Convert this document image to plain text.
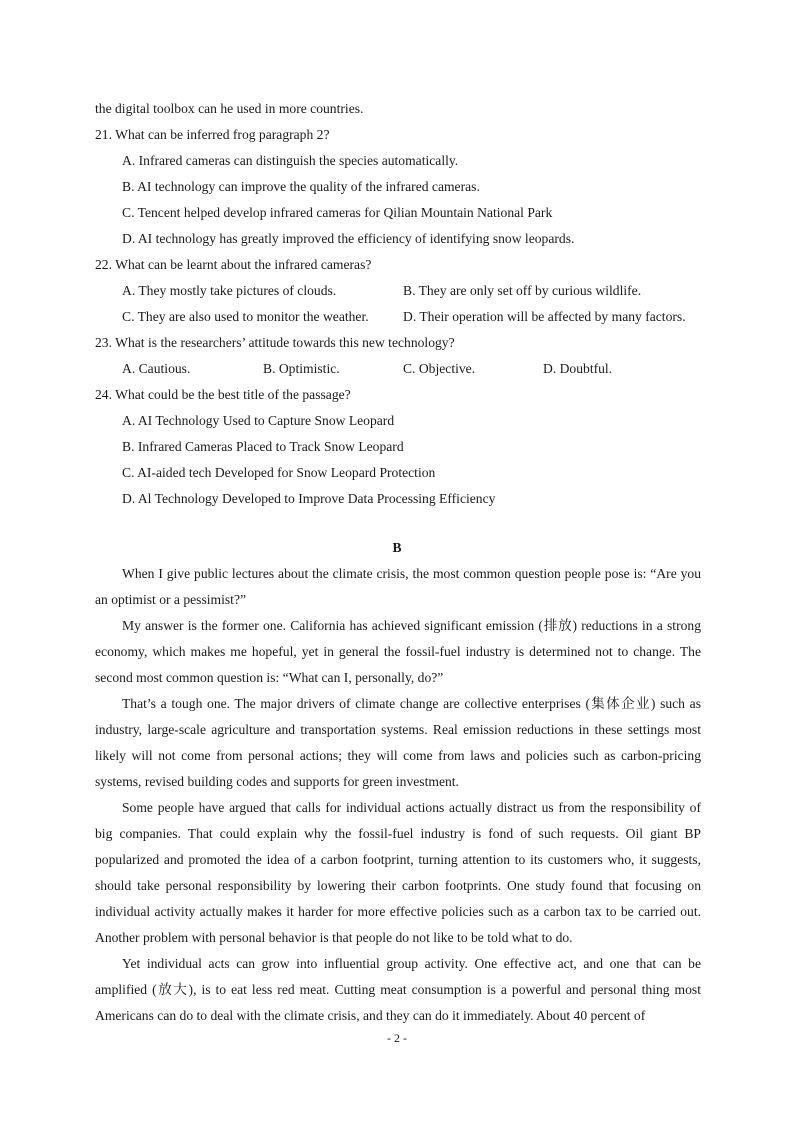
the digital toolbox can he used in more countries.
21. What can be inferred frog paragraph 2?
A. Infrared cameras can distinguish the species automatically.
B. AI technology can improve the quality of the infrared cameras.
C. Tencent helped develop infrared cameras for Qilian Mountain National Park
D. AI technology has greatly improved the efficiency of identifying snow leopards.
22. What can be learnt about the infrared cameras?
A. They mostly take pictures of clouds.	B. They are only set off by curious wildlife.
C. They are also used to monitor the weather.	D. Their operation will be affected by many factors.
23. What is the researchers’ attitude towards this new technology?
A. Cautious.	B. Optimistic.	C. Objective.	D. Doubtful.
24. What could be the best title of the passage?
A. AI Technology Used to Capture Snow Leopard
B. Infrared Cameras Placed to Track Snow Leopard
C. AI-aided tech Developed for Snow Leopard Protection
D. Al Technology Developed to Improve Data Processing Efficiency
B

When I give public lectures about the climate crisis, the most common question people pose is: “Are you an optimist or a pessimist?”

My answer is the former one. California has achieved significant emission (排放) reductions in a strong economy, which makes me hopeful, yet in general the fossil-fuel industry is determined not to change. The second most common question is: “What can I, personally, do?”

That’s a tough one. The major drivers of climate change are collective enterprises (集体企业) such as industry, large-scale agriculture and transportation systems. Real emission reductions in these settings most likely will not come from personal actions; they will come from laws and policies such as carbon-pricing systems, revised building codes and supports for green investment.

Some people have argued that calls for individual actions actually distract us from the responsibility of big companies. That could explain why the fossil-fuel industry is fond of such requests. Oil giant BP popularized and promoted the idea of a carbon footprint, turning attention to its customers who, it suggests, should take personal responsibility by lowering their carbon footprints. One study found that focusing on individual activity actually makes it harder for more effective policies such as a carbon tax to be carried out. Another problem with personal behavior is that people do not like to be told what to do.

Yet individual acts can grow into influential group activity. One effective act, and one that can be amplified (放大), is to eat less red meat. Cutting meat consumption is a powerful and personal thing most Americans can do to deal with the climate crisis, and they can do it immediately. About 40 percent of

- 2 -
